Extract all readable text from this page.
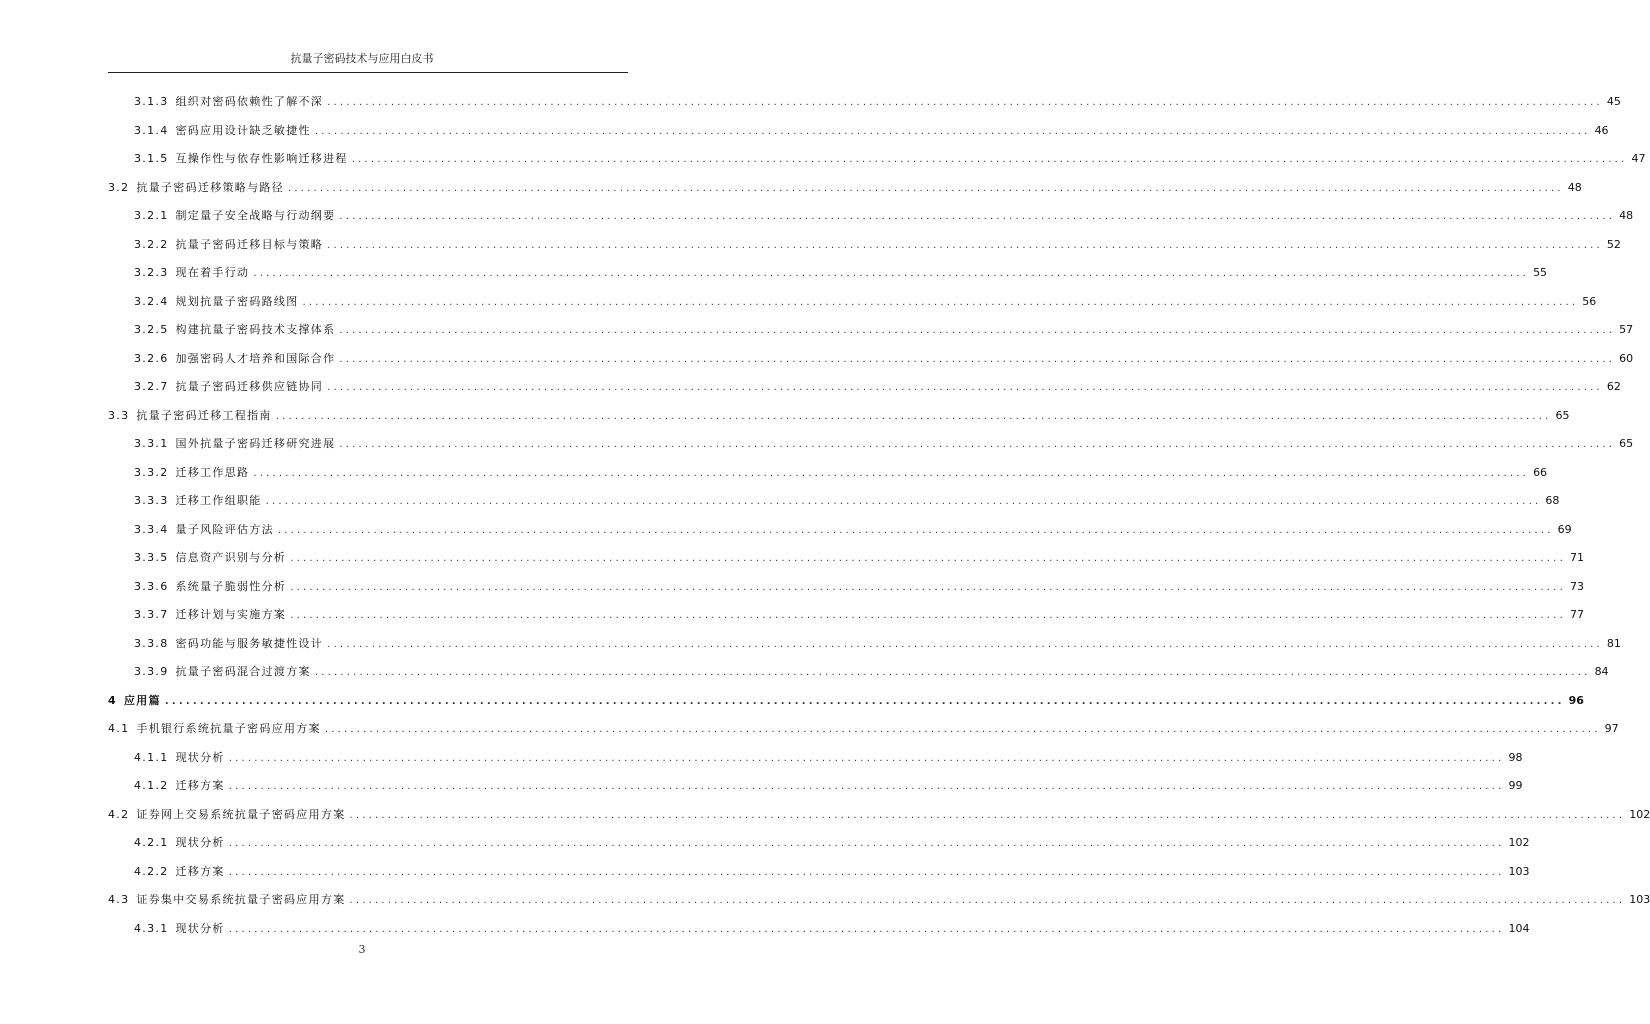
抗量子密码技术与应用白皮书
3.1.3 组织对密码依赖性了解不深 ........................................................................................................................................................................................................ 45
3.1.4 密码应用设计缺乏敏捷性 ........................................................................................................................................................................................................ 46
3.1.5 互操作性与依存性影响迁移进程 ........................................................................................................................................................................................................ 47
3.2 抗量子密码迁移策略与路径 ........................................................................................................................................................................................................ 48
3.2.1 制定量子安全战略与行动纲要 ........................................................................................................................................................................................................ 48
3.2.2 抗量子密码迁移目标与策略 ........................................................................................................................................................................................................ 52
3.2.3 现在着手行动 ........................................................................................................................................................................................................ 55
3.2.4 规划抗量子密码路线图 ........................................................................................................................................................................................................ 56
3.2.5 构建抗量子密码技术支撑体系 ........................................................................................................................................................................................................ 57
3.2.6 加强密码人才培养和国际合作 ........................................................................................................................................................................................................ 60
3.2.7 抗量子密码迁移供应链协同 ........................................................................................................................................................................................................ 62
3.3 抗量子密码迁移工程指南 ........................................................................................................................................................................................................ 65
3.3.1 国外抗量子密码迁移研究进展 ........................................................................................................................................................................................................ 65
3.3.2 迁移工作思路 ........................................................................................................................................................................................................ 66
3.3.3 迁移工作组职能 ........................................................................................................................................................................................................ 68
3.3.4 量子风险评估方法 ........................................................................................................................................................................................................ 69
3.3.5 信息资产识别与分析 ........................................................................................................................................................................................................ 71
3.3.6 系统量子脆弱性分析 ........................................................................................................................................................................................................ 73
3.3.7 迁移计划与实施方案 ........................................................................................................................................................................................................ 77
3.3.8 密码功能与服务敏捷性设计 ........................................................................................................................................................................................................ 81
3.3.9 抗量子密码混合过渡方案 ........................................................................................................................................................................................................ 84
4 应用篇 ........................................................................................................................................................................................................ 96
4.1 手机银行系统抗量子密码应用方案 ........................................................................................................................................................................................................ 97
4.1.1 现状分析 ........................................................................................................................................................................................................ 98
4.1.2 迁移方案 ........................................................................................................................................................................................................ 99
4.2 证券网上交易系统抗量子密码应用方案 ........................................................................................................................................................................................................ 102
4.2.1 现状分析 ........................................................................................................................................................................................................ 102
4.2.2 迁移方案 ........................................................................................................................................................................................................ 103
4.3 证券集中交易系统抗量子密码应用方案 ........................................................................................................................................................................................................ 103
4.3.1 现状分析 ........................................................................................................................................................................................................ 104
3
